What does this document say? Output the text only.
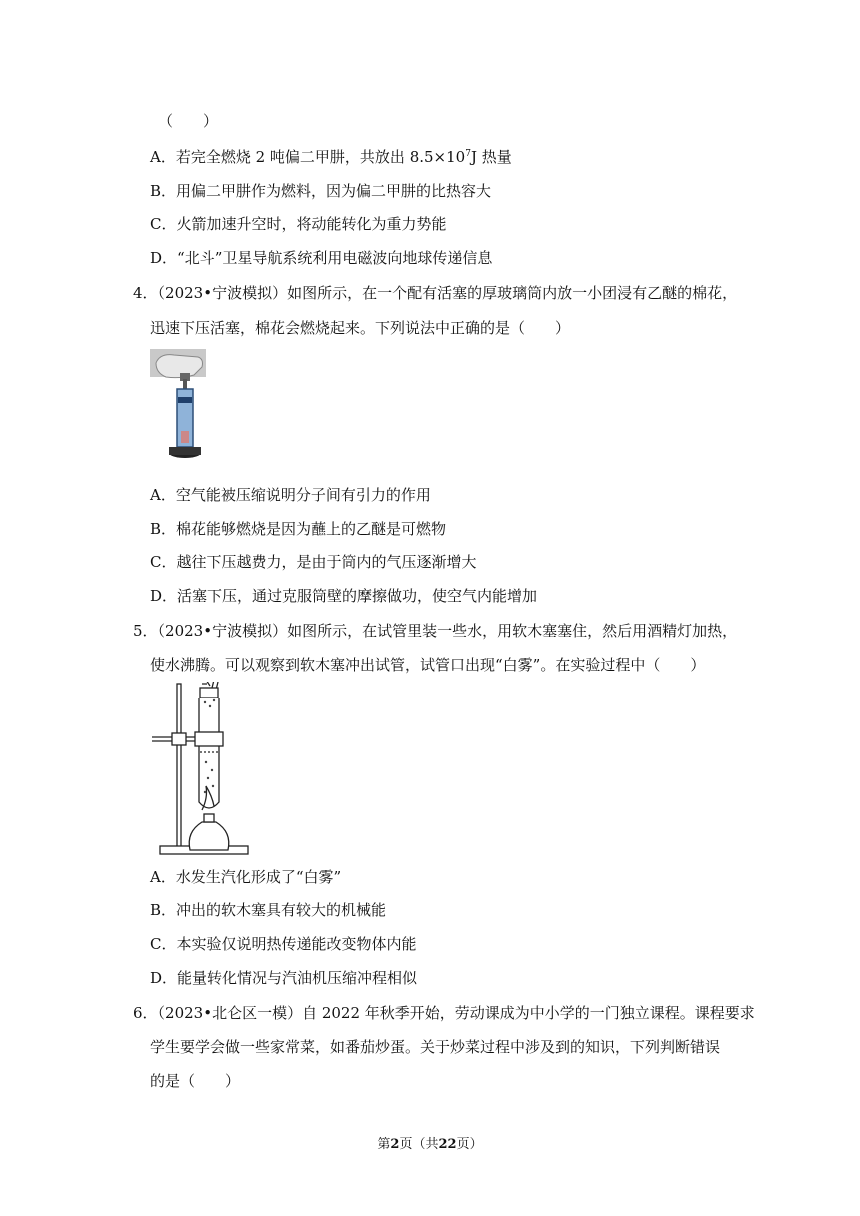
（　　）
A．若完全燃烧 2 吨偏二甲肼，共放出 $8.5\times 10^7J$ 热量
B．用偏二甲肼作为燃料，因为偏二甲肼的比热容大
C．火箭加速升空时，将动能转化为重力势能
D．“北斗”卫星导航系统利用电磁波向地球传递信息
4．（2023•宁波模拟）如图所示，在一个配有活塞的厚玻璃筒内放一小团浸有乙醚的棉花，
迅速下压活塞，棉花会燃烧起来。下列说法中正确的是（　　）
A．空气能被压缩说明分子间有引力的作用
B．棉花能够燃烧是因为蘸上的乙醚是可燃物
C．越往下压越费力，是由于筒内的气压逐渐增大
D．活塞下压，通过克服筒壁的摩擦做功，使空气内能增加
5．（2023•宁波模拟）如图所示，在试管里装一些水，用软木塞塞住，然后用酒精灯加热，
使水沸腾。可以观察到软木塞冲出试管，试管口出现“白雾”。在实验过程中（　　）
A．水发生汽化形成了“白雾”
B．冲出的软木塞具有较大的机械能
C．本实验仅说明热传递能改变物体内能
D．能量转化情况与汽油机压缩冲程相似
6．（2023•北仑区一模）自 2022 年秋季开始，劳动课成为中小学的一门独立课程。课程要求
学生要学会做一些家常菜，如番茄炒蛋。关于炒菜过程中涉及到的知识，下列判断错误
的是（　　）
第2页（共22页）
